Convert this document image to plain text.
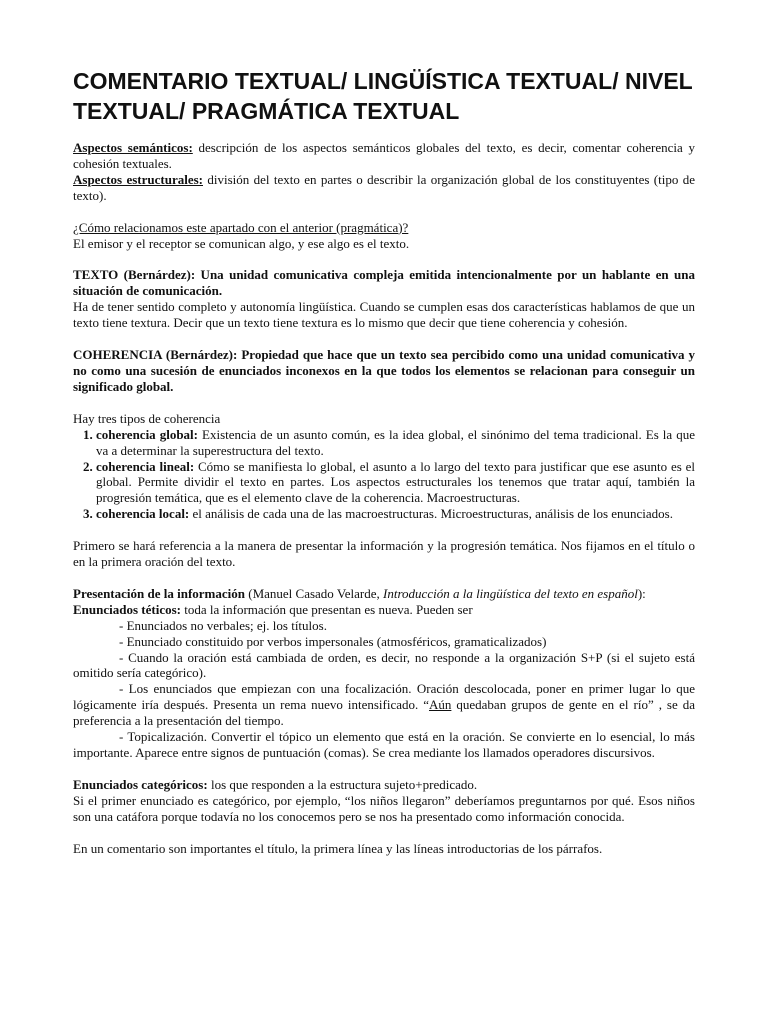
COMENTARIO TEXTUAL/ LINGÜÍSTICA TEXTUAL/ NIVEL TEXTUAL/ PRAGMÁTICA TEXTUAL

Aspectos semánticos: descripción de los aspectos semánticos globales del texto, es decir, comentar coherencia y cohesión textuales.

Aspectos estructurales: división del texto en partes o describir la organización global de los constituyentes (tipo de texto).

¿Cómo relacionamos este apartado con el anterior (pragmática)?

El emisor y el receptor se comunican algo, y ese algo es el texto.

TEXTO (Bernárdez): Una unidad comunicativa compleja emitida intencionalmente por un hablante en una situación de comunicación.

Ha de tener sentido completo y autonomía lingüística. Cuando se cumplen esas dos características hablamos de que un texto tiene textura. Decir que un texto tiene textura es lo mismo que decir que tiene coherencia y cohesión.

COHERENCIA (Bernárdez): Propiedad que hace que un texto sea percibido como una unidad comunicativa y no como una sucesión de enunciados inconexos en la que todos los elementos se relacionan para conseguir un significado global.

Hay tres tipos de coherencia

1. coherencia global: Existencia de un asunto común, es la idea global, el sinónimo del tema tradicional. Es la que va a determinar la superestructura del texto.
2. coherencia lineal: Cómo se manifiesta lo global, el asunto a lo largo del texto para justificar que ese asunto es el global. Permite dividir el texto en partes. Los aspectos estructurales los tenemos que tratar aquí, también la progresión temática, que es el elemento clave de la coherencia. Macroestructuras.
3. coherencia local: el análisis de cada una de las macroestructuras. Microestructuras, análisis de los enunciados.

Primero se hará referencia a la manera de presentar la información y la progresión temática. Nos fijamos en el título o en la primera oración del texto.

Presentación de la información (Manuel Casado Velarde, Introducción a la lingüística del texto en español):

Enunciados téticos: toda la información que presentan es nueva. Pueden ser

- Enunciados no verbales; ej. los títulos.

- Enunciado constituido por verbos impersonales (atmosféricos, gramaticalizados)

- Cuando la oración está cambiada de orden, es decir, no responde a la organización S+P (si el sujeto está omitido sería categórico).

- Los enunciados que empiezan con una focalización. Oración descolocada, poner en primer lugar lo que lógicamente iría después. Presenta un rema nuevo intensificado. “Aún quedaban grupos de gente en el río” , se da preferencia a la presentación del tiempo.

- Topicalización. Convertir el tópico un elemento que está en la oración. Se convierte en lo esencial, lo más importante. Aparece entre signos de puntuación (comas). Se crea mediante los llamados operadores discursivos.

Enunciados categóricos: los que responden a la estructura sujeto+predicado.

Si el primer enunciado es categórico, por ejemplo, “los niños llegaron” deberíamos preguntarnos por qué. Esos niños son una catáfora porque todavía no los conocemos pero se nos ha presentado como información conocida.

En un comentario son importantes el título, la primera línea y las líneas introductorias de los párrafos.
